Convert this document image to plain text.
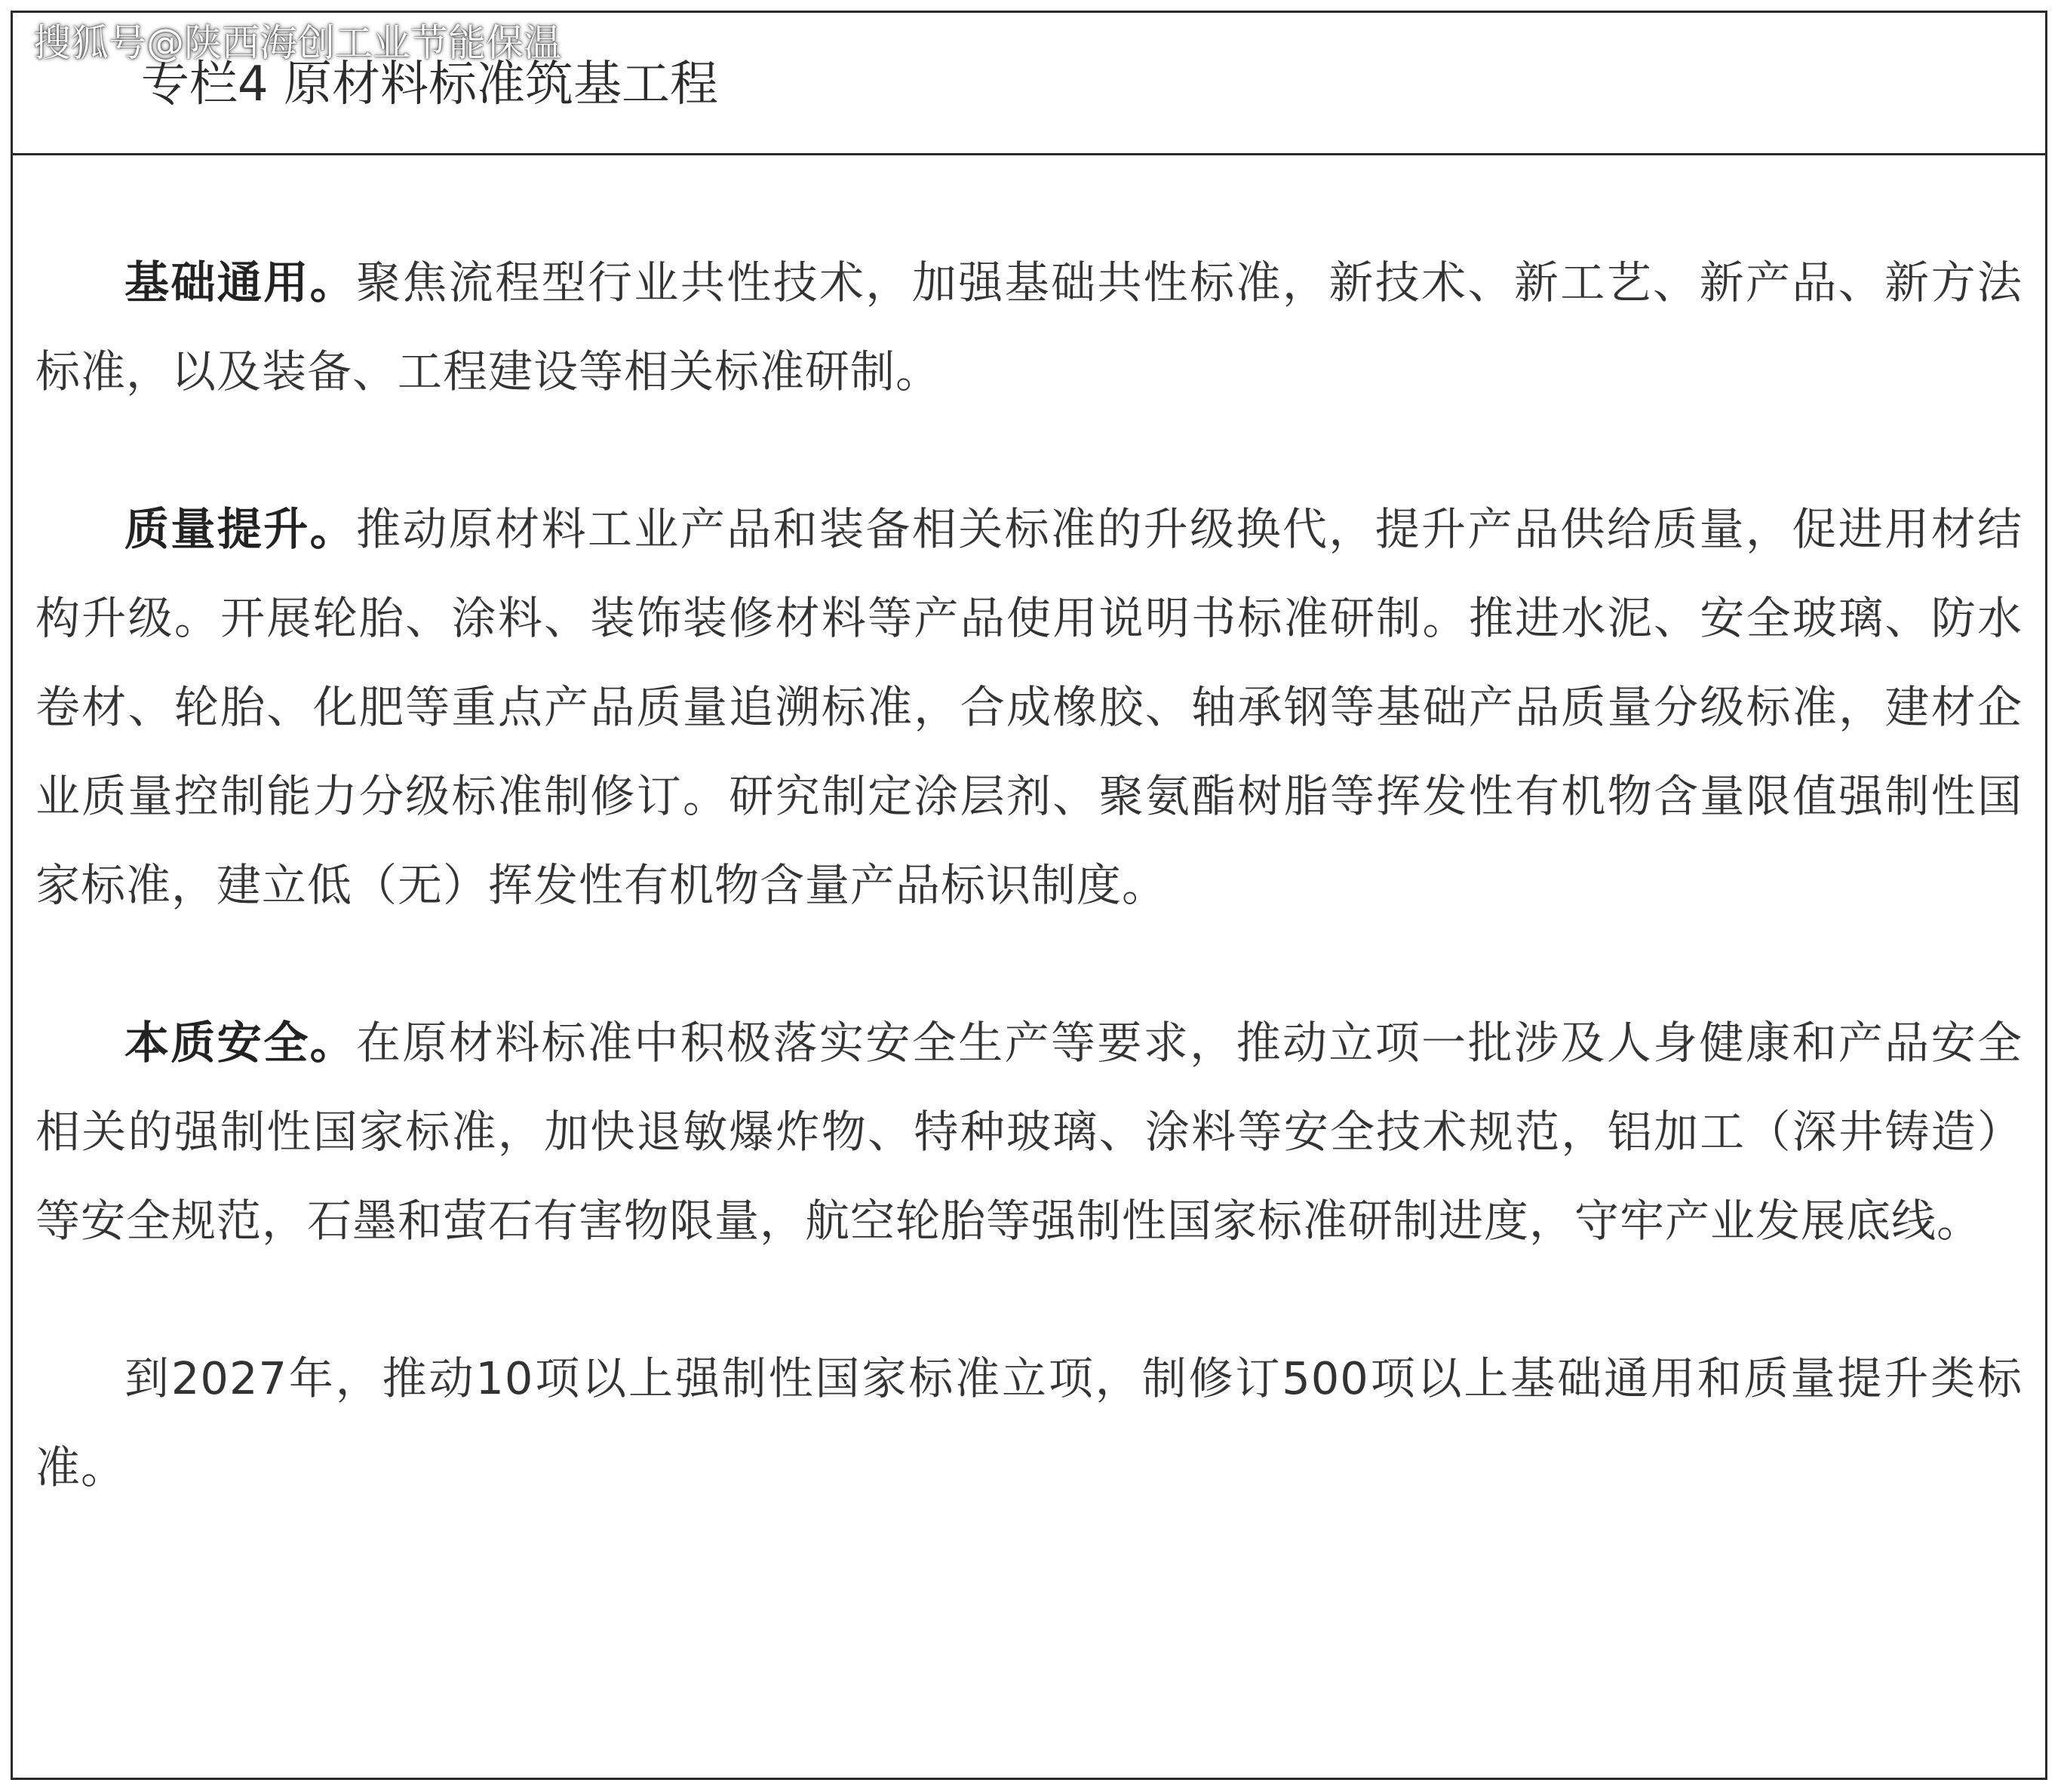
搜狐号@陕西海创工业节能保温
专栏4 原材料标准筑基工程

基础通用。聚焦流程型行业共性技术，加强基础共性标准，新技术、新工艺、新产品、新方法标准，以及装备、工程建设等相关标准研制。

质量提升。推动原材料工业产品和装备相关标准的升级换代，提升产品供给质量，促进用材结构升级。开展轮胎、涂料、装饰装修材料等产品使用说明书标准研制。推进水泥、安全玻璃、防水卷材、轮胎、化肥等重点产品质量追溯标准，合成橡胶、轴承钢等基础产品质量分级标准，建材企业质量控制能力分级标准制修订。研究制定涂层剂、聚氨酯树脂等挥发性有机物含量限值强制性国家标准，建立低（无）挥发性有机物含量产品标识制度。

本质安全。在原材料标准中积极落实安全生产等要求，推动立项一批涉及人身健康和产品安全相关的强制性国家标准，加快退敏爆炸物、特种玻璃、涂料等安全技术规范，铝加工（深井铸造）等安全规范，石墨和萤石有害物限量，航空轮胎等强制性国家标准研制进度，守牢产业发展底线。

到2027年，推动10项以上强制性国家标准立项，制修订500项以上基础通用和质量提升类标准。
